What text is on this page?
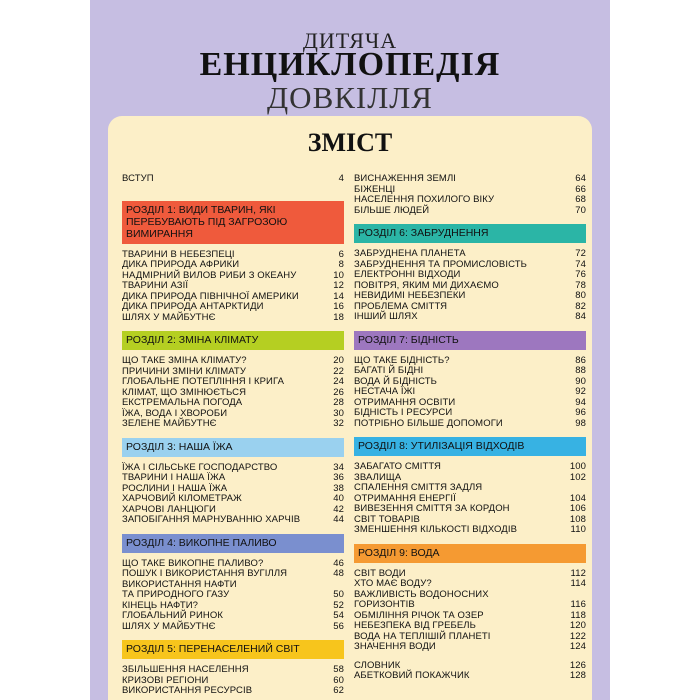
ДИТЯЧА
ЕНЦИКЛОПЕДІЯ
ДОВКІЛЛЯ
ЗМІСТ
ВСТУП	4
РОЗДІЛ 1: ВИДИ ТВАРИН, ЯКІ ПЕРЕБУВАЮТЬ ПІД ЗАГРОЗОЮ ВИМИРАННЯ
ТВАРИНИ В НЕБЕЗПЕЦІ	6
ДИКА ПРИРОДА АФРИКИ	8
НАДМІРНИЙ ВИЛОВ РИБИ З ОКЕАНУ	10
ТВАРИНИ АЗІЇ	12
ДИКА ПРИРОДА ПІВНІЧНОЇ АМЕРИКИ	14
ДИКА ПРИРОДА АНТАРКТИДИ	16
ШЛЯХ У МАЙБУТНЄ	18
РОЗДІЛ 2: ЗМІНА КЛІМАТУ
ЩО ТАКЕ ЗМІНА КЛІМАТУ?	20
ПРИЧИНИ ЗМІНИ КЛІМАТУ	22
ГЛОБАЛЬНЕ ПОТЕПЛІННЯ І КРИГА	24
КЛІМАТ, ЩО ЗМІНЮЄТЬСЯ	26
ЕКСТРЕМАЛЬНА ПОГОДА	28
ЇЖА, ВОДА І ХВОРОБИ	30
ЗЕЛЕНЕ МАЙБУТНЄ	32
РОЗДІЛ 3: НАША ЇЖА
ЇЖА І СІЛЬСЬКЕ ГОСПОДАРСТВО	34
ТВАРИНИ І НАША ЇЖА	36
РОСЛИНИ І НАША ЇЖА	38
ХАРЧОВИЙ КІЛОМЕТРАЖ	40
ХАРЧОВІ ЛАНЦЮГИ	42
ЗАПОБІГАННЯ МАРНУВАННЮ ХАРЧІВ	44
РОЗДІЛ 4: ВИКОПНЕ ПАЛИВО
ЩО ТАКЕ ВИКОПНЕ ПАЛИВО?	46
ПОШУК І ВИКОРИСТАННЯ ВУГІЛЛЯ	48
ВИКОРИСТАННЯ НАФТИ
ТА ПРИРОДНОГО ГАЗУ	50
КІНЕЦЬ НАФТИ?	52
ГЛОБАЛЬНИЙ РИНОК	54
ШЛЯХ У МАЙБУТНЄ	56
РОЗДІЛ 5: ПЕРЕНАСЕЛЕНИЙ СВІТ
ЗБІЛЬШЕННЯ НАСЕЛЕННЯ	58
КРИЗОВІ РЕГІОНИ	60
ВИКОРИСТАННЯ РЕСУРСІВ	62
ВИСНАЖЕННЯ ЗЕМЛІ	64
БІЖЕНЦІ	66
НАСЕЛЕННЯ ПОХИЛОГО ВІКУ	68
БІЛЬШЕ ЛЮДЕЙ	70
РОЗДІЛ 6: ЗАБРУДНЕННЯ
ЗАБРУДНЕНА ПЛАНЕТА	72
ЗАБРУДНЕННЯ ТА ПРОМИСЛОВІСТЬ	74
ЕЛЕКТРОННІ ВІДХОДИ	76
ПОВІТРЯ, ЯКИМ МИ ДИХАЄМО	78
НЕВИДИМІ НЕБЕЗПЕКИ	80
ПРОБЛЕМА СМІТТЯ	82
ІНШИЙ ШЛЯХ	84
РОЗДІЛ 7: БІДНІСТЬ
ЩО ТАКЕ БІДНІСТЬ?	86
БАГАТІ Й БІДНІ	88
ВОДА Й БІДНІСТЬ	90
НЕСТАЧА ЇЖІ	92
ОТРИМАННЯ ОСВІТИ	94
БІДНІСТЬ І РЕСУРСИ	96
ПОТРІБНО БІЛЬШЕ ДОПОМОГИ	98
РОЗДІЛ 8: УТИЛІЗАЦІЯ ВІДХОДІВ
ЗАБАГАТО СМІТТЯ	100
ЗВАЛИЩА	102
СПАЛЕННЯ СМІТТЯ ЗАДЛЯ
ОТРИМАННЯ ЕНЕРГІЇ	104
ВИВЕЗЕННЯ СМІТТЯ ЗА КОРДОН	106
СВІТ ТОВАРІВ	108
ЗМЕНШЕННЯ КІЛЬКОСТІ ВІДХОДІВ	110
РОЗДІЛ 9: ВОДА
СВІТ ВОДИ	112
ХТО МАЄ ВОДУ?	114
ВАЖЛИВІСТЬ ВОДОНОСНИХ
ГОРИЗОНТІВ	116
ОБМІЛІННЯ РІЧОК ТА ОЗЕР	118
НЕБЕЗПЕКА ВІД ГРЕБЕЛЬ	120
ВОДА НА ТЕПЛІШІЙ ПЛАНЕТІ	122
ЗНАЧЕННЯ ВОДИ	124
СЛОВНИК	126
АБЕТКОВИЙ ПОКАЖЧИК	128
